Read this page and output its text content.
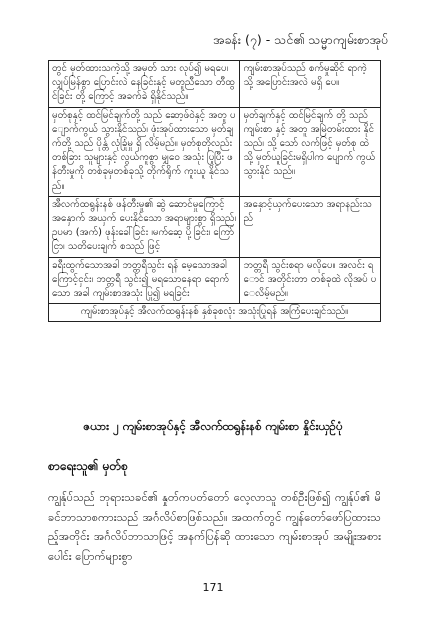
အခန်း (၇) - သင်၏ သမ္မာကျမ်းစာအုပ်
တွင် မှတ်ထားသကဲ့သို့ အမှတ် သား လုပ်၍ မရပေ၊ လျှပ်မြန်စွာ ပြောင်းလဲ နေခြင်းနှင့် မတူညီသော တီထွင်ခြင်း တို့ ကြောင့် အခက်ခဲ ရှိနိုင်သည်။	ကျမ်းစာအုပ်သည် စက်မှုဆိုင် ရာကဲ့ သို့ အပြောင်းအလဲ မရှိ ပေ။
မှတ်စုနှင့် ထင်မြင်ချက်တို့ သည် ဆော့ဖ်ဝဲနှင့် အတူ ပျောက်ကွယ် သွားနိုင်သည်၊ ဖုံးအုပ်ထားသော မှတ်ချက်တို့ သည် ပိုန္တ် လုံခြုံမှု ရှိ လိမ့်မည်။ မှတ်စုတိုလည်း တစ်ခြား သူများနှင့် လွယ်ကူစွာ မျှဝေ အသုံး ပြုပြီး ဖန်တီးမှုကို တစ်ခုမှတစ်ခုသို့ တိုက်ရိုက် ကူးယူ နိုင်သည်။	မှတ်ချက်နှင့် ထင်မြင်ချက် တို့ သည် ကျမ်းစာ နှင့် အတူ အမြဲတမ်းထား နိုင်သည်၊ သို့ သော် လက်ဖြင့် မှတ်စု ထဲ သို့ မှတ်ယူခြင်းမရှိပါက ပျောက် ကွယ်သွားနိုင် သည်။
အီလက်ထရွန်းနစ် ဖန်တီးမှု၏ ဆွဲ ဆောင်မှုကြောင့် အနှောက် အယှက် ပေးနိုင်သော အရာများစွာ ရှိသည်၊ ဥပမာ (အက်) ဖုန်းခေါ်ခြင်း ၊မက်ဆေ့ ပို့ခြင်း၊ ကြော်ငြာ၊ သတိပေးချက် စသည် ဖြင့်	အနှောင့်ယှက်ပေးသော အရာနည်းသည်
ခရီးထွက်သောအခါ ဘတ္တရီသွင်း ရန် မေ့သောအခါကြောင့်ငှင်း၊ ဘတ္တရီ သွင်း၍ မရသောနေရာ ရောက်သော အခါ ကျမ်းစာအသုံး ပြု၍ မရခြင်း	ဘတ္တရီ သွင်းစရာ မလိုပေ။ အလင်း ရောင် အတိုင်းတာ တစ်ခုထဲ လိုအပ် ပေလိမ့်မည်။
ကျမ်းစာအုပ်နှင့် အီလက်ထရွန်းနစ် နှစ်ခုစလုံး အသုံးပြုရန် အကြံပေးချင်သည်။	
ဇယား ၂ ကျမ်းစာအုပ်နှင့် အီလက်ထရွန်းနစ် ကျမ်းစာ နှိုင်းယှဉ်ပုံ
စာရေးသူ၏ မှတ်စု
ကျွန်ုပ်သည် ဘုရားသခင်၏ နှုတ်ကပတ်တော် လေ့လာသူ တစ်ဦးဖြစ်၍ ကျွန်ုပ်၏ မိခင်ဘာသာစကားသည် အင်္ဂလိပ်စာဖြစ်သည်။ အထက်တွင် ကျွန်တော်ဖော်ပြထားသည့်အတိုင်း အင်္ဂလိပ်ဘာသာဖြင့် အနက်ပြန်ဆို ထားသော ကျမ်းစာအုပ် အမျိုးအစားပေါင်း ပြောက်များစွာ
171
